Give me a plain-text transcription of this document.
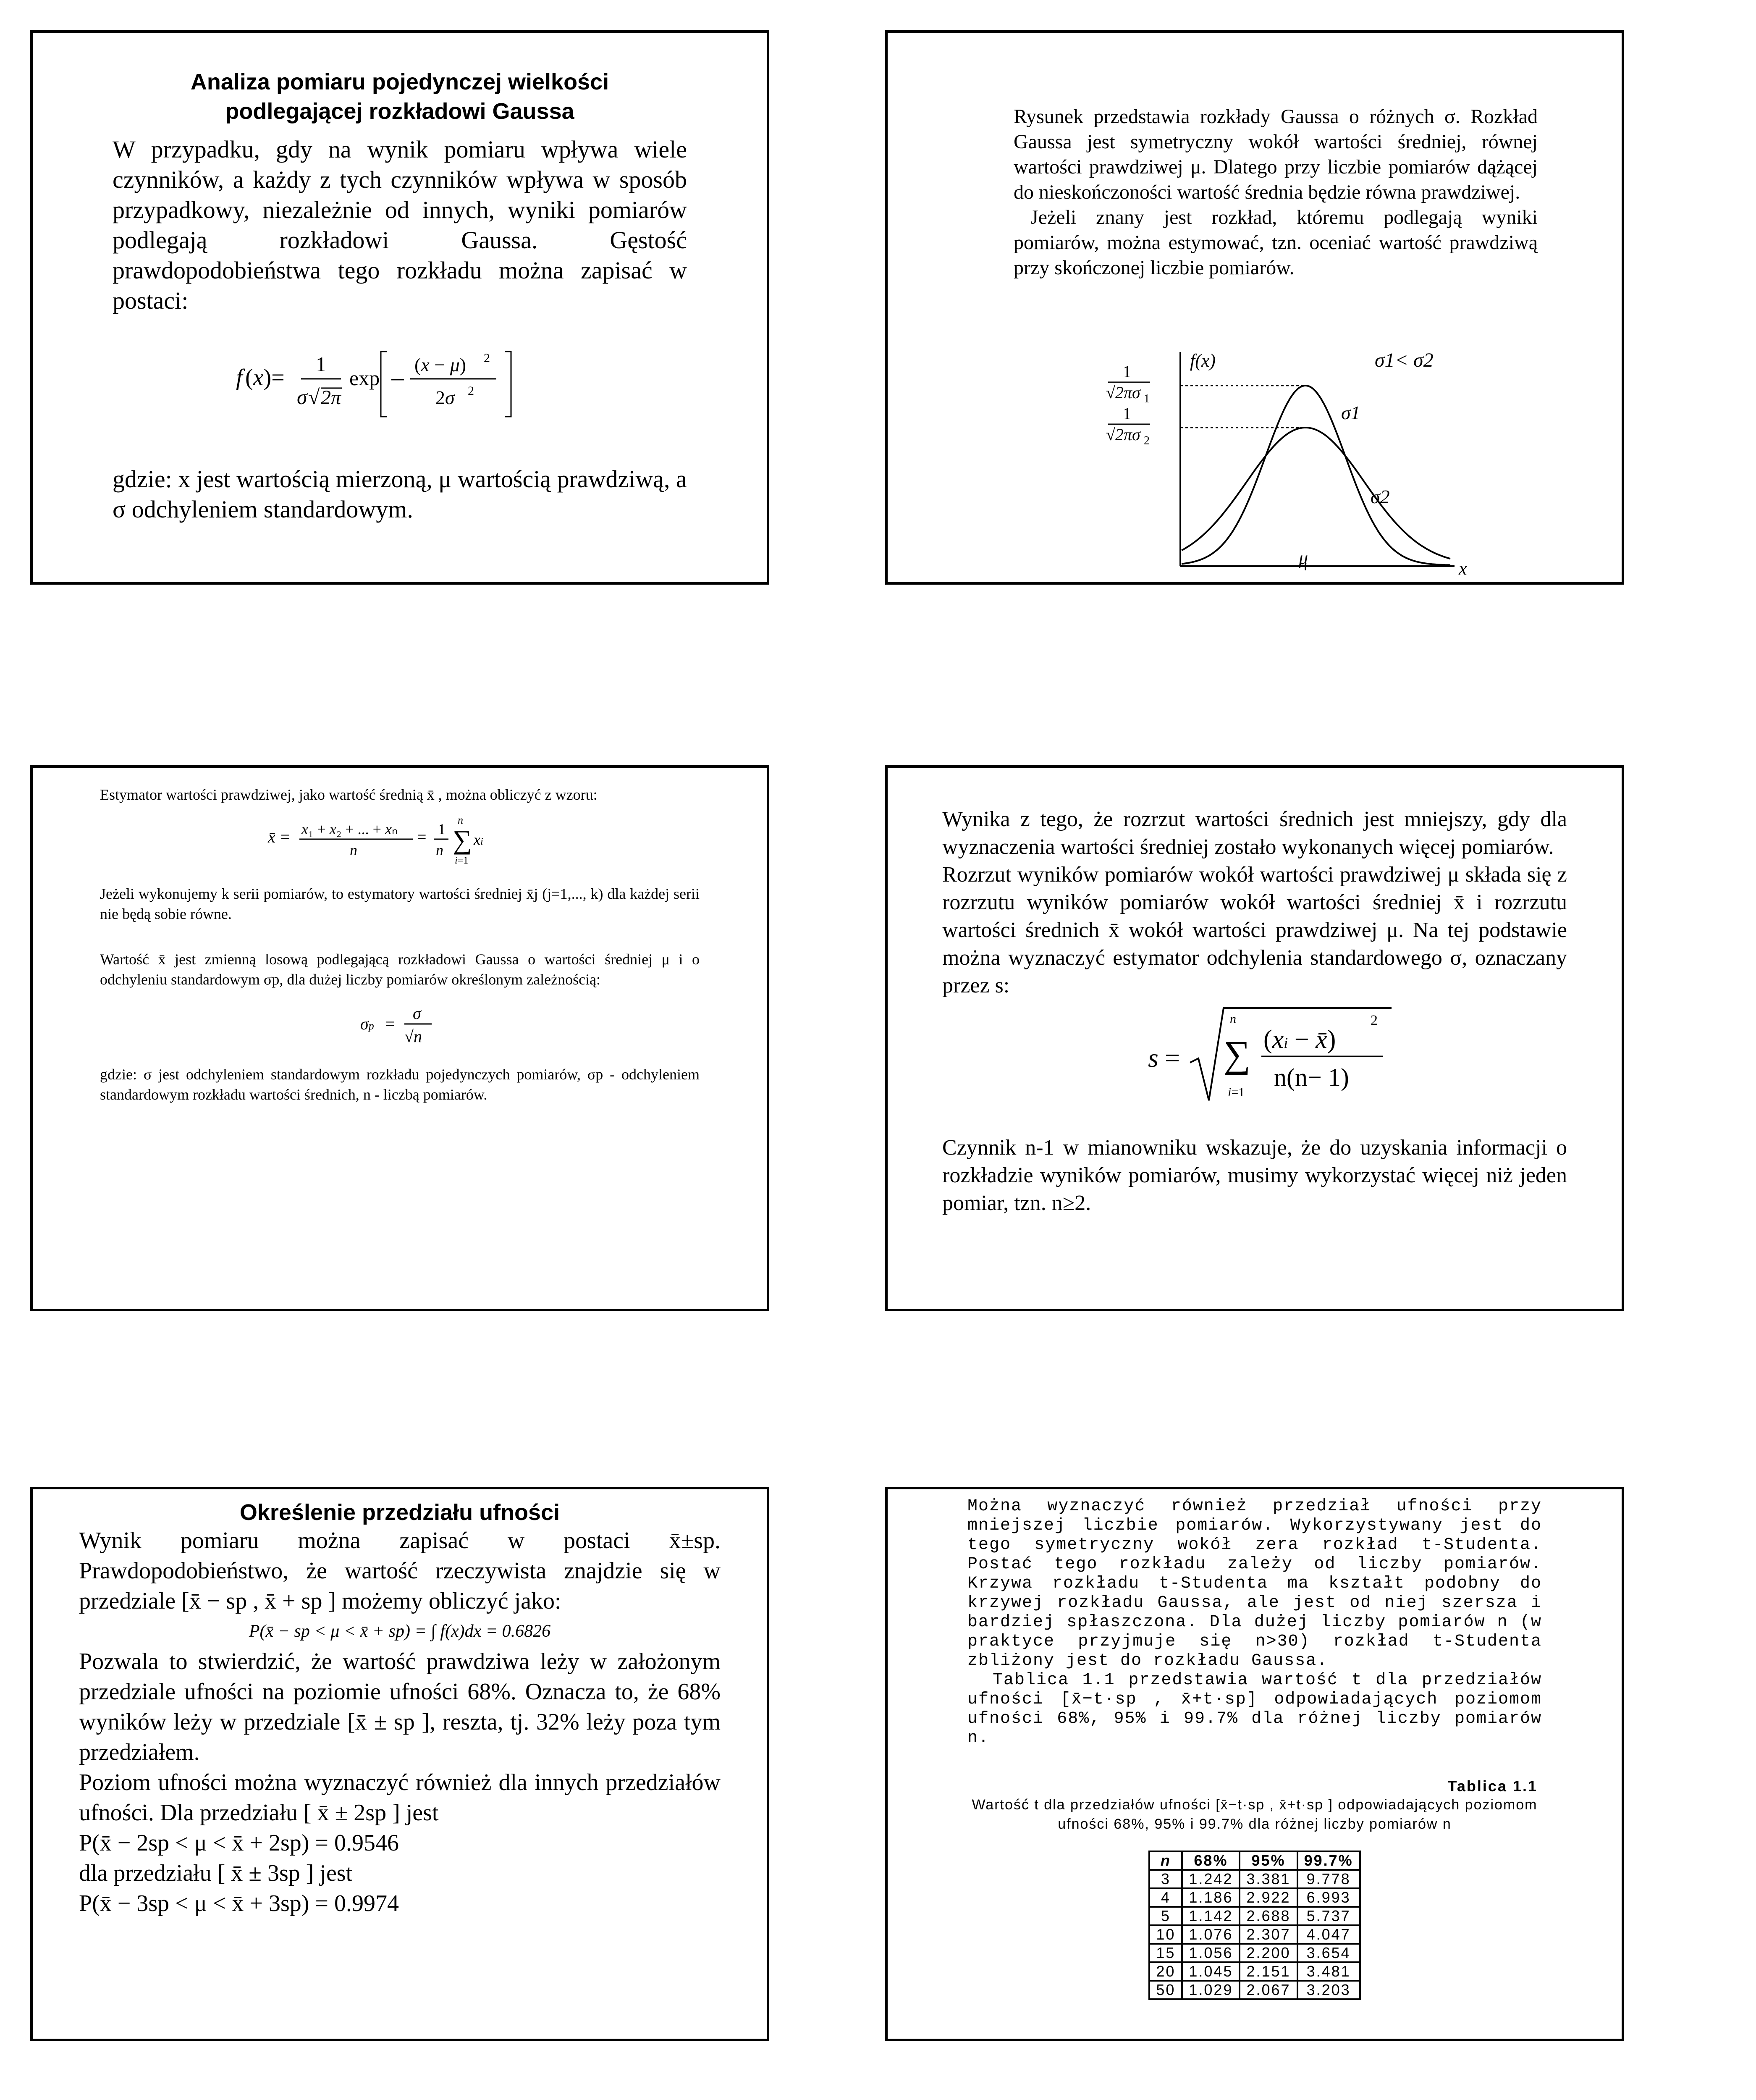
Analiza pomiaru pojedynczej wielkości
podlegającej rozkładowi Gaussa
W przypadku, gdy na wynik pomiaru wpływa wiele czynników, a każdy z tych czynników wpływa w sposób przypadkowy, niezależnie od innych, wyniki pomiarów podlegają rozkładowi Gaussa. Gęstość prawdopodobieństwa tego rozkładu można zapisać w postaci:
f (x)=
1
σ √ 2π
exp
(x − μ) 2
2σ 2
gdzie: x jest wartością mierzoną, μ wartością prawdziwą, a σ odchyleniem standardowym.
Rysunek przedstawia rozkłady Gaussa o różnych σ. Rozkład Gaussa jest symetryczny wokół wartości średniej, równej wartości prawdziwej μ. Dlatego przy liczbie pomiarów dążącej do nieskończoności wartość średnia będzie równa prawdziwej.
Jeżeli znany jest rozkład, któremu podlegają wyniki pomiarów, można estymować, tzn. oceniać wartość prawdziwą przy skończonej liczbie pomiarów.
f(x)
x
σ1< σ2
σ1
σ2
μ
1
√2πσ 1
1
√2πσ 2
Estymator wartości prawdziwej, jako wartość średnią x̄ , można obliczyć z wzoru:
x̄ = x₁ + x₂ + ... + xₙ
n
= 1
n ∑
n
i=1
xi
Jeżeli wykonujemy k serii pomiarów, to estymatory wartości średniej x̄j (j=1,..., k) dla każdej serii nie będą sobie równe.
Wartość x̄ jest zmienną losową podlegającą rozkładowi Gaussa o wartości średniej μ i o odchyleniu standardowym σp, dla dużej liczby pomiarów określonym zależnością:
σp =
σ
√n
gdzie: σ jest odchyleniem standardowym rozkładu pojedynczych pomiarów, σp - odchyleniem standardowym rozkładu wartości średnich, n - liczbą pomiarów.
Wynika z tego, że rozrzut wartości średnich jest mniejszy, gdy dla wyznaczenia wartości średniej zostało wykonanych więcej pomiarów.
Rozrzut wyników pomiarów wokół wartości prawdziwej μ składa się z rozrzutu wyników pomiarów wokół wartości średniej x̄ i rozrzutu wartości średnich x̄ wokół wartości prawdziwej μ. Na tej podstawie można wyznaczyć estymator odchylenia standardowego σ, oznaczany przez s:
s = ∑
n
i=1
(xi − x̄)
2
n(n− 1)
Czynnik n-1 w mianowniku wskazuje, że do uzyskania informacji o rozkładzie wyników pomiarów, musimy wykorzystać więcej niż jeden pomiar, tzn. n≥2.
Określenie przedziału ufności
Wynik pomiaru można zapisać w postaci x̄±sp. Prawdopodobieństwo, że wartość rzeczywista znajdzie się w przedziale [x̄ − sp , x̄ + sp ] możemy obliczyć jako:
P(x̄ − sp < μ < x̄ + sp) = ∫ f(x)dx = 0.6826
Pozwala to stwierdzić, że wartość prawdziwa leży w założonym przedziale ufności na poziomie ufności 68%. Oznacza to, że 68% wyników leży w przedziale [x̄ ± sp ], reszta, tj. 32% leży poza tym przedziałem.
Poziom ufności można wyznaczyć również dla innych przedziałów ufności. Dla przedziału [ x̄ ± 2sp ] jest
P(x̄ − 2sp < μ < x̄ + 2sp) = 0.9546
dla przedziału [ x̄ ± 3sp ] jest
P(x̄ − 3sp < μ < x̄ + 3sp) = 0.9974
Można wyznaczyć również przedział ufności przy mniejszej liczbie pomiarów. Wykorzystywany jest do tego symetryczny wokół zera rozkład t-Studenta. Postać tego rozkładu zależy od liczby pomiarów. Krzywa rozkładu t-Studenta ma kształt podobny do krzywej rozkładu Gaussa, ale jest od niej szersza i bardziej spłaszczona. Dla dużej liczby pomiarów n (w praktyce przyjmuje się n>30) rozkład t-Studenta zbliżony jest do rozkładu Gaussa.
Tablica 1.1 przedstawia wartość t dla przedziałów ufności [x̄−t·sp , x̄+t·sp] odpowiadających poziomom ufności 68%, 95% i 99.7% dla różnej liczby pomiarów n.
Tablica 1.1
Wartość t dla przedziałów ufności [x̄−t·sp , x̄+t·sp ] odpowiadających poziomom ufności 68%, 95% i 99.7% dla różnej liczby pomiarów n
n	68%	95%	99.7%
3	1.242	3.381	9.778
4	1.186	2.922	6.993
5	1.142	2.688	5.737
10	1.076	2.307	4.047
15	1.056	2.200	3.654
20	1.045	2.151	3.481
50	1.029	2.067	3.203
